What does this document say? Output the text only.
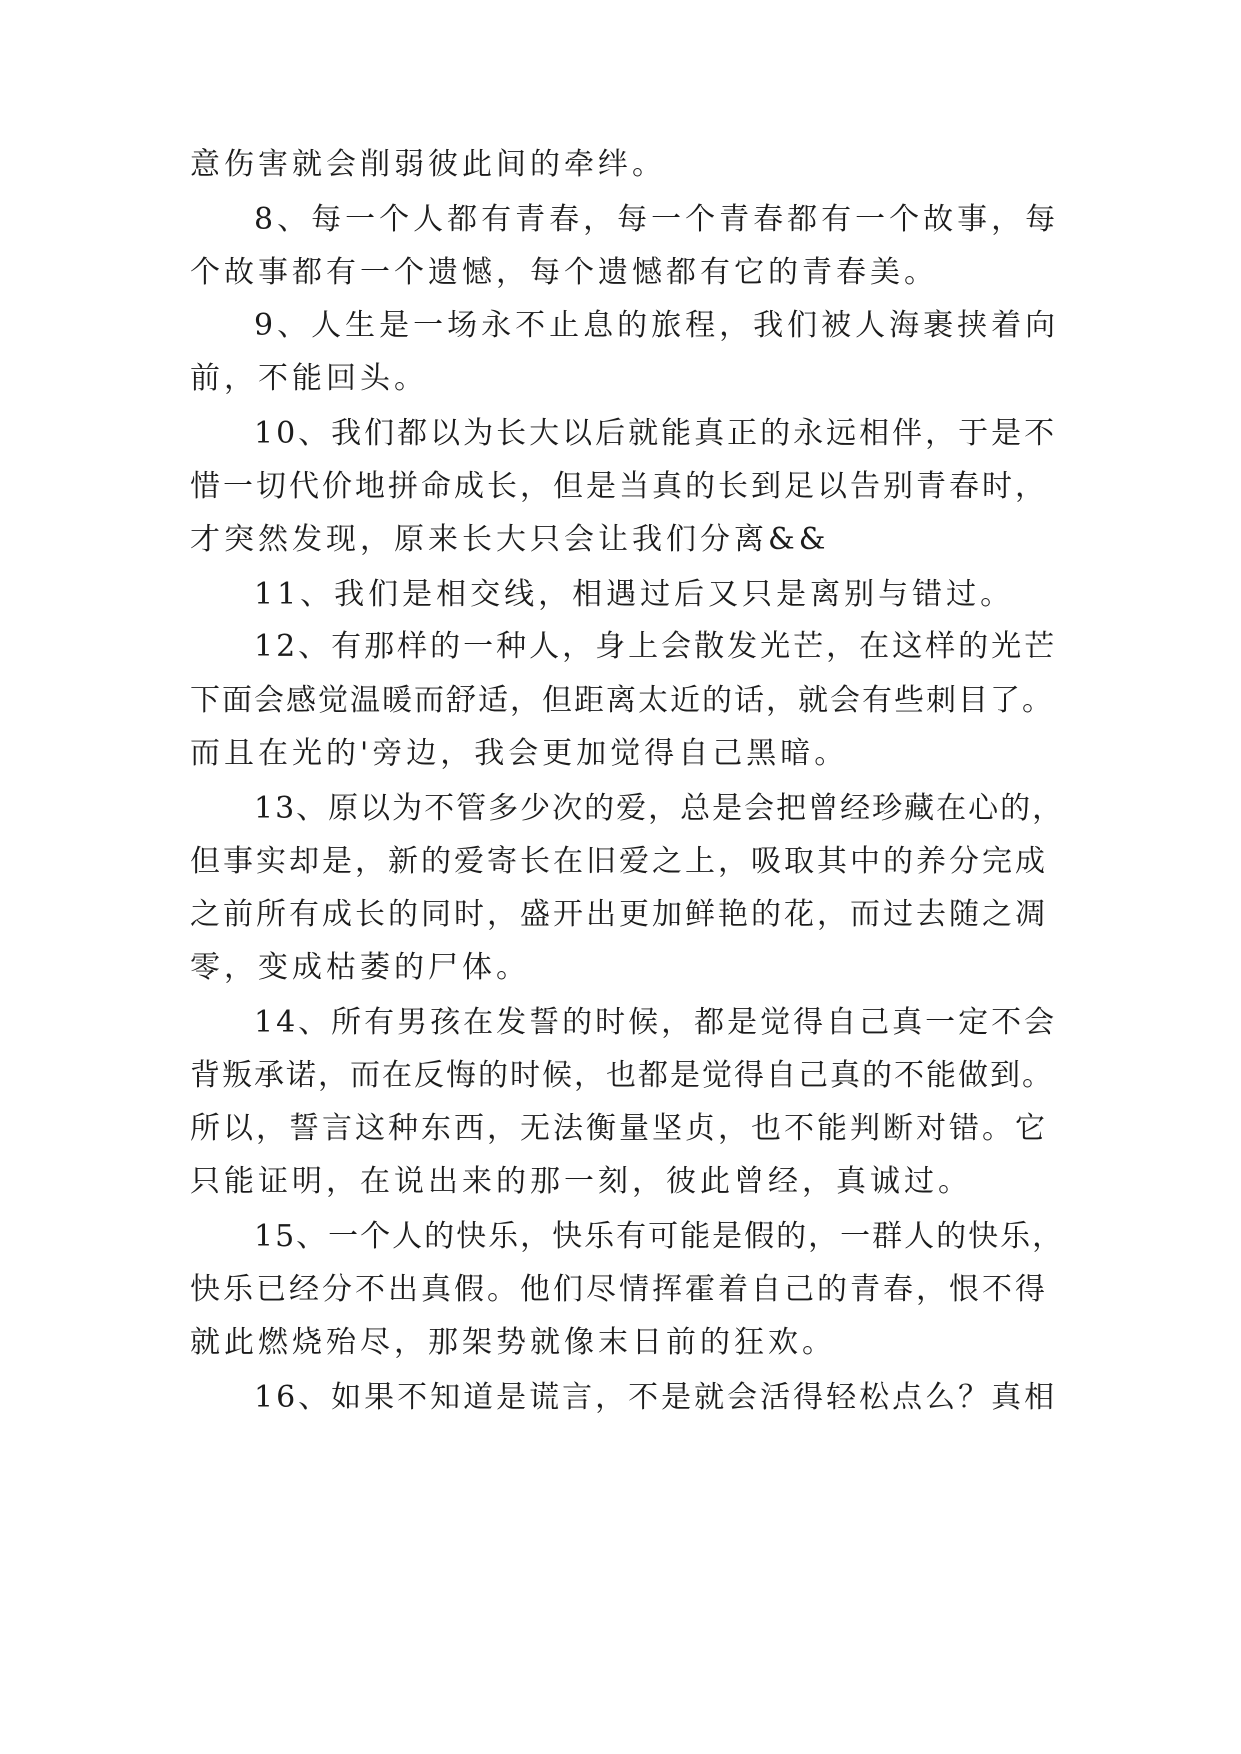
意伤害就会削弱彼此间的牵绊。
8、每一个人都有青春，每一个青春都有一个故事，每
个故事都有一个遗憾，每个遗憾都有它的青春美。
9、人生是一场永不止息的旅程，我们被人海裹挟着向
前，不能回头。
10、我们都以为长大以后就能真正的永远相伴，于是不
惜一切代价地拼命成长，但是当真的长到足以告别青春时，
才突然发现，原来长大只会让我们分离&&
11、我们是相交线，相遇过后又只是离别与错过。
12、有那样的一种人，身上会散发光芒，在这样的光芒
下面会感觉温暖而舒适，但距离太近的话，就会有些刺目了。
而且在光的'旁边，我会更加觉得自己黑暗。
13、原以为不管多少次的爱，总是会把曾经珍藏在心的，
但事实却是，新的爱寄长在旧爱之上，吸取其中的养分完成
之前所有成长的同时，盛开出更加鲜艳的花，而过去随之凋
零，变成枯萎的尸体。
14、所有男孩在发誓的时候，都是觉得自己真一定不会
背叛承诺，而在反悔的时候，也都是觉得自己真的不能做到。
所以，誓言这种东西，无法衡量坚贞，也不能判断对错。它
只能证明，在说出来的那一刻，彼此曾经，真诚过。
15、一个人的快乐，快乐有可能是假的，一群人的快乐，
快乐已经分不出真假。他们尽情挥霍着自己的青春，恨不得
就此燃烧殆尽，那架势就像末日前的狂欢。
16、如果不知道是谎言，不是就会活得轻松点么？真相
